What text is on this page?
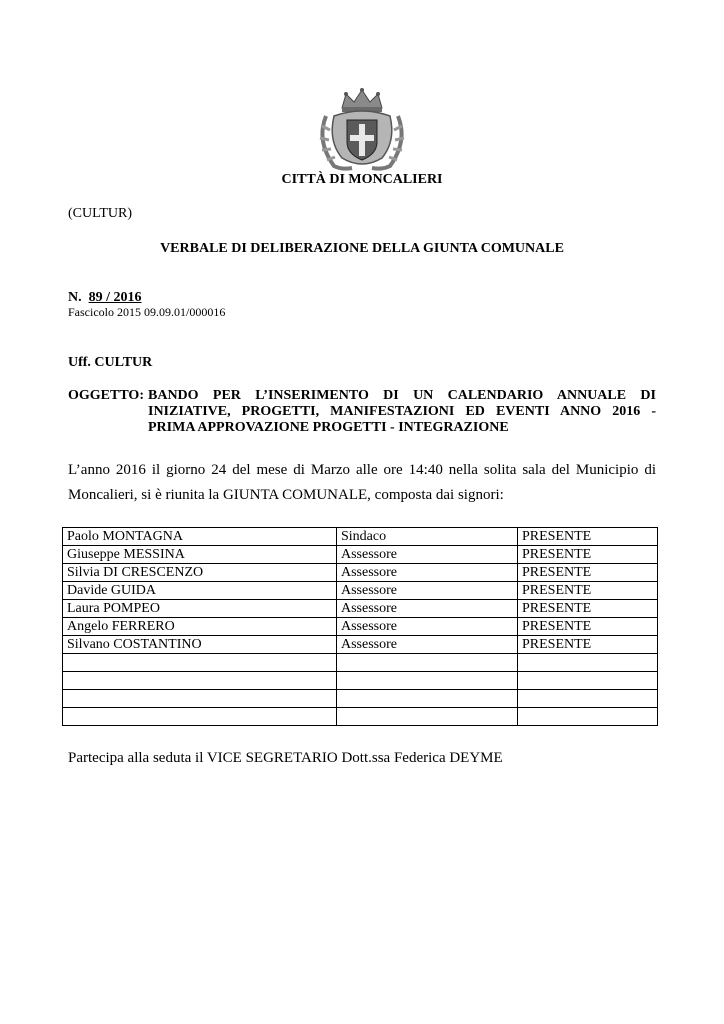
CITTÀ DI MONCALIERI
(CULTUR)
VERBALE DI DELIBERAZIONE DELLA GIUNTA COMUNALE
N. 89 / 2016
Fascicolo 2015 09.09.01/000016
Uff. CULTUR
OGGETTO: BANDO PER L’INSERIMENTO DI UN CALENDARIO ANNUALE DI
INIZIATIVE, PROGETTI, MANIFESTAZIONI ED EVENTI ANNO 2016 -
PRIMA APPROVAZIONE PROGETTI - INTEGRAZIONE
L’anno 2016 il giorno 24 del mese di Marzo alle ore 14:40 nella solita sala del Municipio di
Moncalieri, si è riunita la GIUNTA COMUNALE, composta dai signori:
Paolo MONTAGNA	Sindaco	PRESENTE
Giuseppe MESSINA	Assessore	PRESENTE
Silvia DI CRESCENZO	Assessore	PRESENTE
Davide GUIDA	Assessore	PRESENTE
Laura POMPEO	Assessore	PRESENTE
Angelo FERRERO	Assessore	PRESENTE
Silvano COSTANTINO	Assessore	PRESENTE

Partecipa alla seduta il VICE SEGRETARIO Dott.ssa Federica DEYME
